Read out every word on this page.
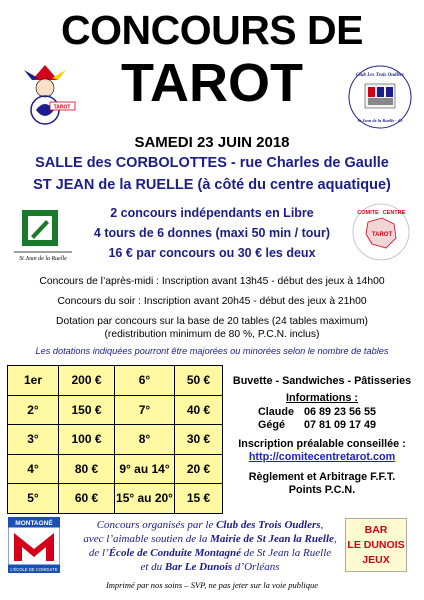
CONCOURS DE
TAROT
TAROT
Club Les Trois Oudlers
St Jean de la Ruelle - 45
SAMEDI 23 JUIN 2018
SALLE des CORBOLOTTES - rue Charles de Gaulle
ST JEAN de la RUELLE (à côté du centre aquatique)
St Jean de la Ruelle
COMITE CENTRE
TAROT
2 concours indépendants en Libre
4 tours de 6 donnes (maxi 50 min / tour)
16 € par concours ou 30 € les deux
Concours de l’après-midi : Inscription avant 13h45 - début des jeux à 14h00
Concours du soir : Inscription avant 20h45 - début des jeux à 21h00
Dotation par concours sur la base de 20 tables (24 tables maximum)
(redistribution minimum de 80 %, P.C.N. inclus)
Les dotations indiquées pourront être majorées ou minorées selon le nombre de tables
1er	200 €	6°	50 €
2°	150 €	7°	40 €
3°	100 €	8°	30 €
4°	80 €	9° au 14°	20 €
5°	60 €	15° au 20°	15 €
Buvette - Sandwiches - Pâtisseries
Informations :
Claude 06 89 23 56 55
Gégé 07 81 09 17 49
Inscription préalable conseillée :
http://comitecentretarot.com
Règlement et Arbitrage F.F.T.
Points P.C.N.
MONTAGNÉ
L'ÉCOLE DE CONDUITE
Concours organisés par le Club des Trois Oudlers,
avec l’aimable soutien de la Mairie de St Jean la Ruelle,
de l’École de Conduite Montagné de St Jean la Ruelle
et du Bar Le Dunois d’Orléans
BAR
LE DUNOIS
JEUX
Imprimé par nos soins – SVP, ne pas jeter sur la voie publique
